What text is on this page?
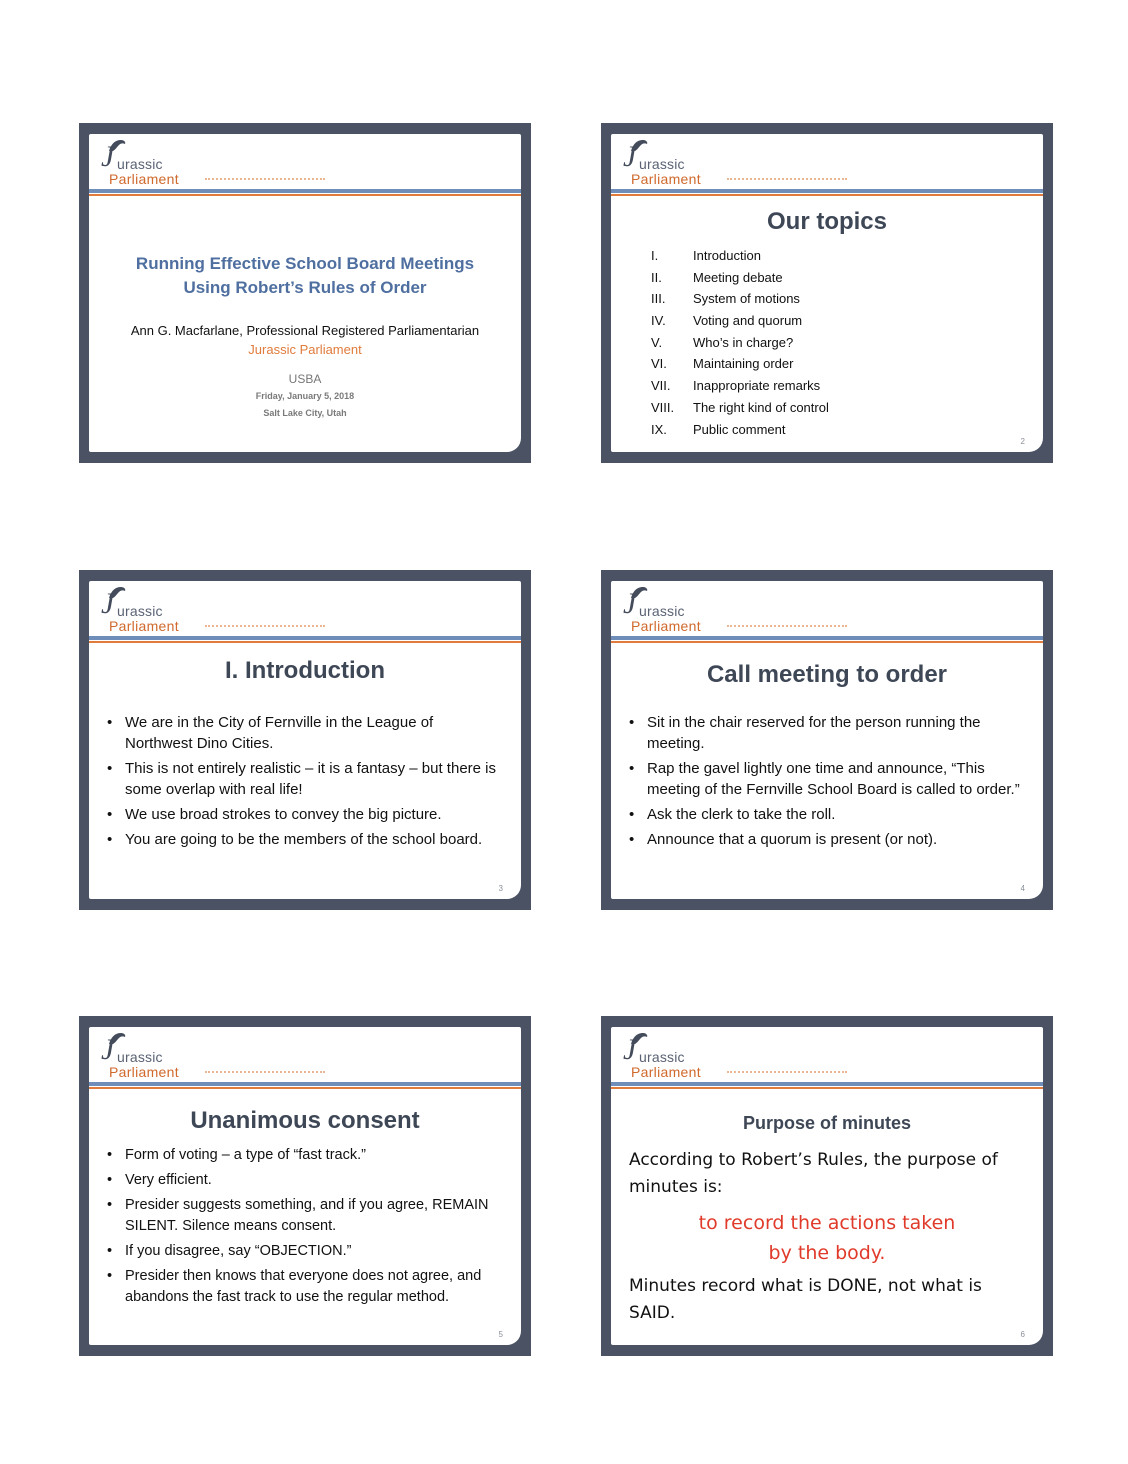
J urassic
Parliament
Running Effective School Board Meetings
Using Robert’s Rules of Order
Ann G. Macfarlane, Professional Registered Parliamentarian
Jurassic Parliament
USBA
Friday, January 5, 2018
Salt Lake City, Utah
J urassic
Parliament
Our topics
I.	Introduction
II.	Meeting debate
III.	System of motions
IV.	Voting and quorum
V.	Who’s in charge?
VI.	Maintaining order
VII.	Inappropriate remarks
VIII.	The right kind of control
IX.	Public comment
2
J urassic
Parliament
I. Introduction
• We are in the City of Fernville in the League of Northwest Dino Cities.
• This is not entirely realistic – it is a fantasy – but there is some overlap with real life!
• We use broad strokes to convey the big picture.
• You are going to be the members of the school board.
3
J urassic
Parliament
Call meeting to order
• Sit in the chair reserved for the person running the meeting.
• Rap the gavel lightly one time and announce, “This meeting of the Fernville School Board is called to order.”
• Ask the clerk to take the roll.
• Announce that a quorum is present (or not).
4
J urassic
Parliament
Unanimous consent
• Form of voting – a type of “fast track.”
• Very efficient.
• Presider suggests something, and if you agree, REMAIN SILENT. Silence means consent.
• If you disagree, say “OBJECTION.”
• Presider then knows that everyone does not agree, and abandons the fast track to use the regular method.
5
J urassic
Parliament
Purpose of minutes
According to Robert’s Rules, the purpose of minutes is:
to record the actions taken
by the body.
Minutes record what is DONE, not what is SAID.
6
